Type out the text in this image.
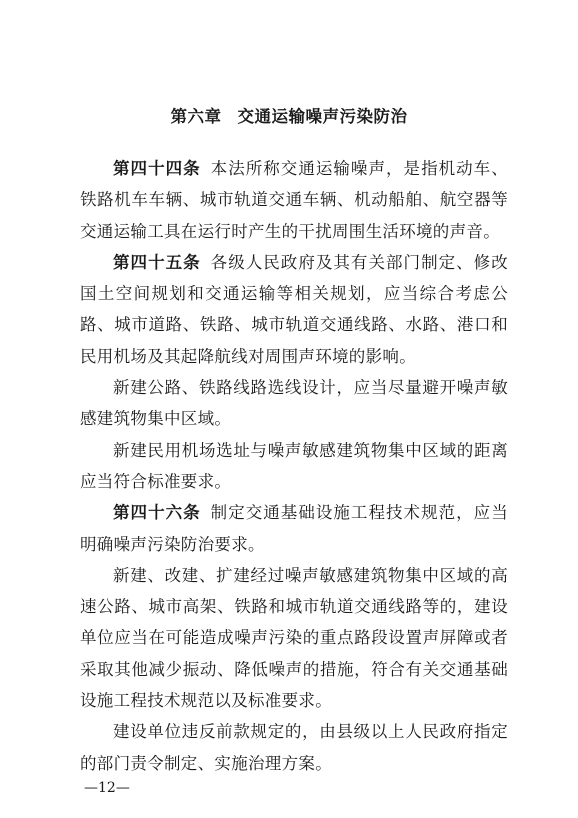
第六章 交通运输噪声污染防治

第四十四条 本法所称交通运输噪声，是指机动车、铁路机车车辆、城市轨道交通车辆、机动船舶、航空器等交通运输工具在运行时产生的干扰周围生活环境的声音。

第四十五条 各级人民政府及其有关部门制定、修改国土空间规划和交通运输等相关规划，应当综合考虑公路、城市道路、铁路、城市轨道交通线路、水路、港口和民用机场及其起降航线对周围声环境的影响。

新建公路、铁路线路选线设计，应当尽量避开噪声敏感建筑物集中区域。

新建民用机场选址与噪声敏感建筑物集中区域的距离应当符合标准要求。

第四十六条 制定交通基础设施工程技术规范，应当明确噪声污染防治要求。

新建、改建、扩建经过噪声敏感建筑物集中区域的高速公路、城市高架、铁路和城市轨道交通线路等的，建设单位应当在可能造成噪声污染的重点路段设置声屏障或者采取其他减少振动、降低噪声的措施，符合有关交通基础设施工程技术规范以及标准要求。

建设单位违反前款规定的，由县级以上人民政府指定的部门责令制定、实施治理方案。

—12—
